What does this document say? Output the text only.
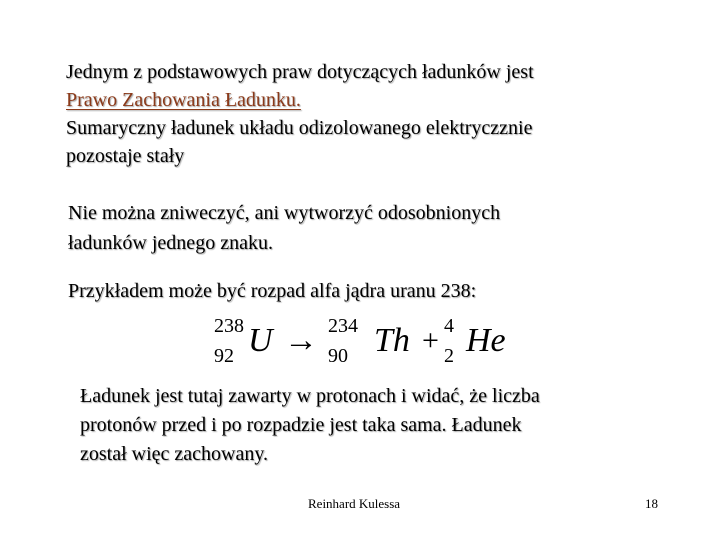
Jednym z podstawowych praw dotyczących ładunków jest
Prawo Zachowania Ładunku.
Sumaryczny ładunek układu odizolowanego elektryczznie
pozostaje stały
Nie można zniweczyć, ani wytworzyć odosobnionych
ładunków jednego znaku.
Przykładem może być rozpad alfa jądra uranu 238:
238
92 U → 234
90 Th + 4
2 He
Ładunek jest tutaj zawarty w protonach i widać, że liczba
protonów przed i po rozpadzie jest taka sama. Ładunek
został więc zachowany.
Reinhard Kulessa	18
